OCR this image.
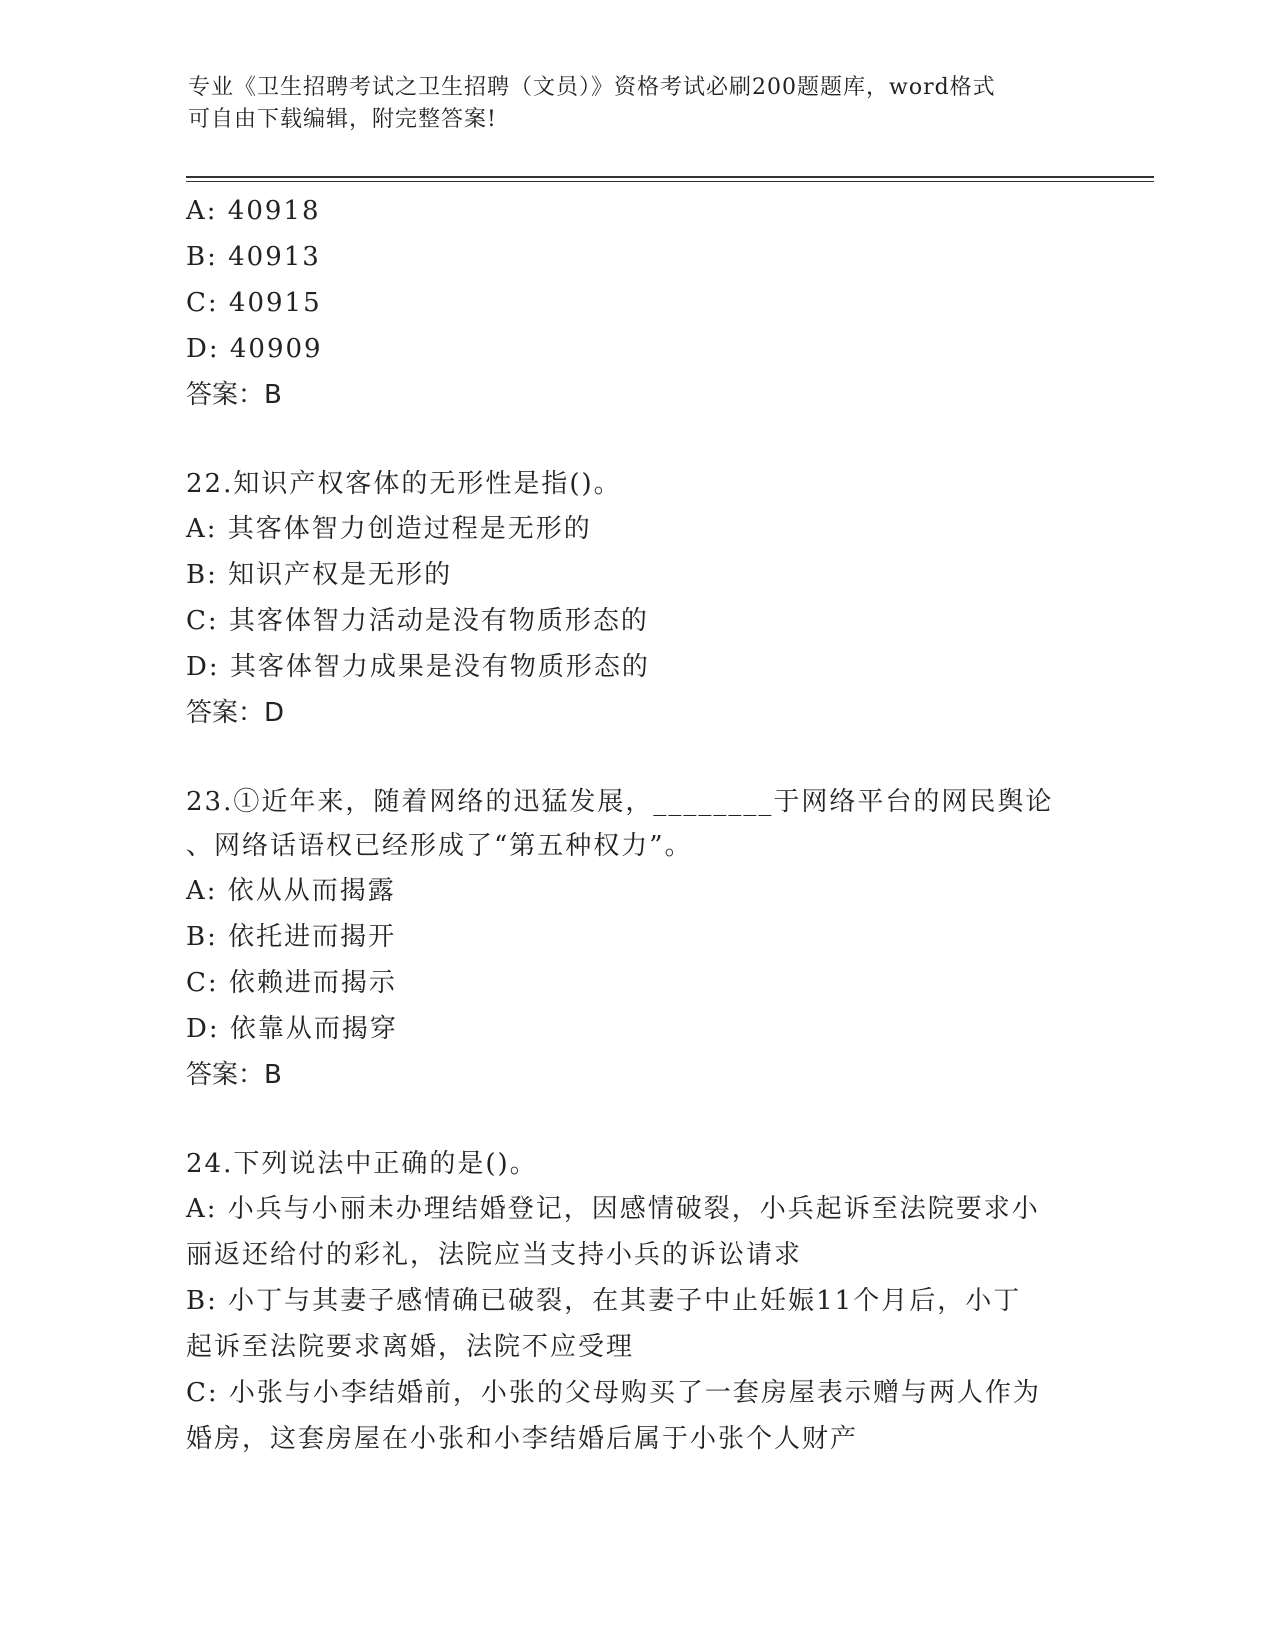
专业《卫生招聘考试之卫生招聘（文员）》资格考试必刷200题题库，word格式
可自由下载编辑，附完整答案!
A: 40918
B: 40913
C: 40915
D: 40909
答案：B
22.知识产权客体的无形性是指()。
A: 其客体智力创造过程是无形的
B: 知识产权是无形的
C: 其客体智力活动是没有物质形态的
D: 其客体智力成果是没有物质形态的
答案：D
23.①近年来，随着网络的迅猛发展，________于网络平台的网民舆论
、网络话语权已经形成了“第五种权力”。
A: 依从从而揭露
B: 依托进而揭开
C: 依赖进而揭示
D: 依靠从而揭穿
答案：B
24.下列说法中正确的是()。
A: 小兵与小丽未办理结婚登记，因感情破裂，小兵起诉至法院要求小
丽返还给付的彩礼，法院应当支持小兵的诉讼请求
B: 小丁与其妻子感情确已破裂，在其妻子中止妊娠11个月后，小丁
起诉至法院要求离婚，法院不应受理
C: 小张与小李结婚前，小张的父母购买了一套房屋表示赠与两人作为
婚房，这套房屋在小张和小李结婚后属于小张个人财产
